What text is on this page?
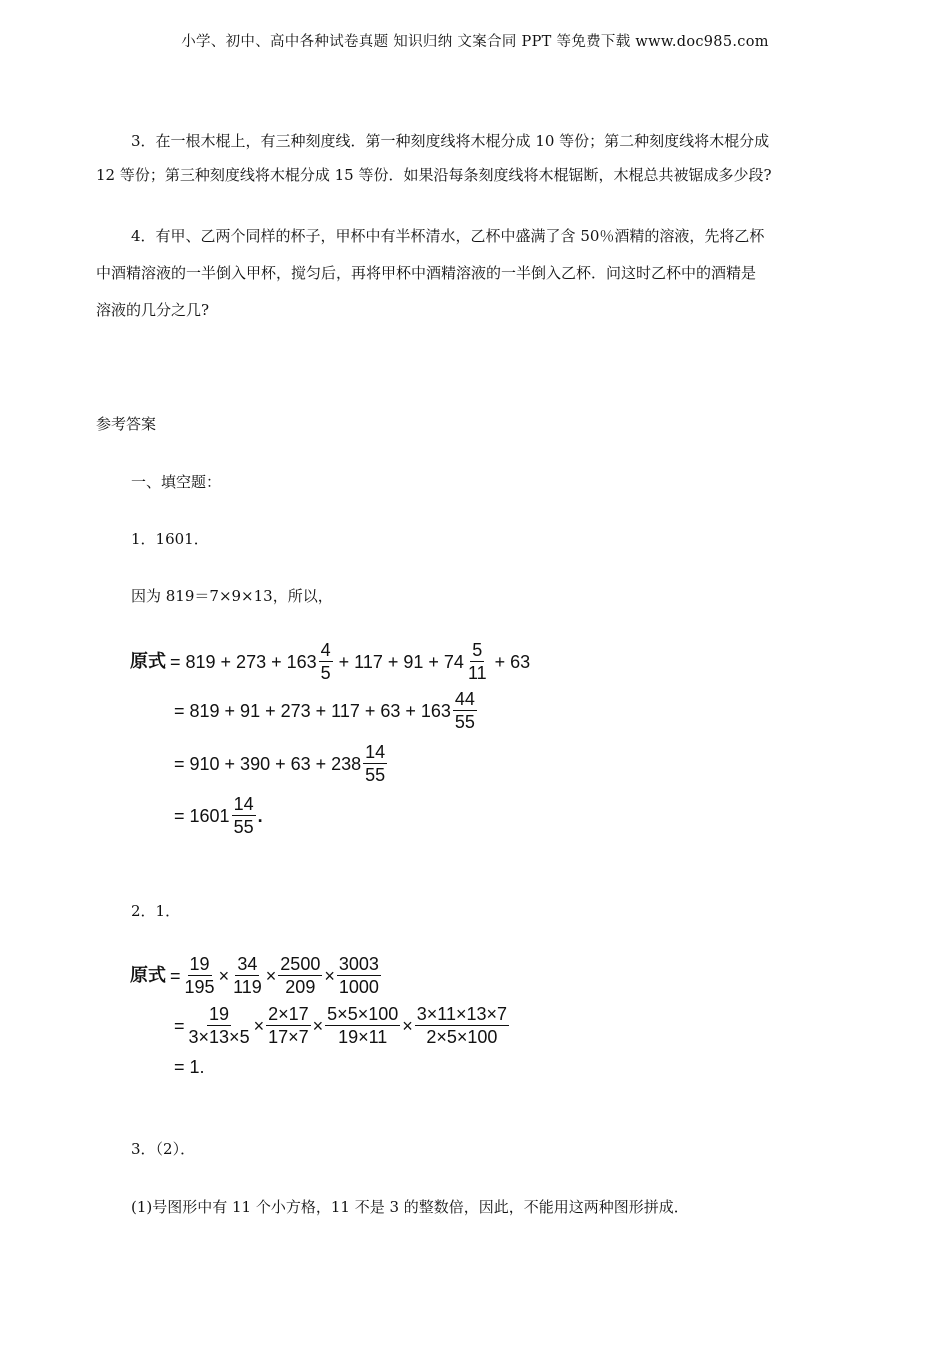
小学、初中、高中各种试卷真题 知识归纳 文案合同 PPT 等免费下载 www.doc985.com
3．在一根木棍上，有三种刻度线．第一种刻度线将木棍分成 10 等份；第二种刻度线将木棍分成
12 等份；第三种刻度线将木棍分成 15 等份．如果沿每条刻度线将木棍锯断，木棍总共被锯成多少段?
4．有甲、乙两个同样的杯子，甲杯中有半杯清水，乙杯中盛满了含 50％酒精的溶液，先将乙杯
中酒精溶液的一半倒入甲杯，搅匀后，再将甲杯中酒精溶液的一半倒入乙杯．问这时乙杯中的酒精是
溶液的几分之几?
参考答案
一、填空题：
1．1601．
因为 819＝7×9×13，所以，
原式 = $819 + 273 + 163 \frac{4}{5} + 117 + 91 + 74 \frac{5}{11} + 63$
= $819 + 91 + 273 + 117 + 63 + 163 \frac{44}{55}$
= $910 + 390 + 63 + 238 \frac{14}{55}$
= $1601 \frac{14}{55}$ .
2．1．
原式 = $\frac{19}{195} \times \frac{34}{119} \times \frac{2500}{209} \times \frac{3003}{1000}$
= $\frac{19}{3\times 13\times 5} \times \frac{2\times 17}{17\times 7} \times \frac{5\times 5\times 100}{19\times 11} \times \frac{3\times 11\times 13\times 7}{2\times 5\times 100}$
= 1.
3．（2）．
(1)号图形中有 11 个小方格，11 不是 3 的整数倍，因此，不能用这两种图形拼成．
